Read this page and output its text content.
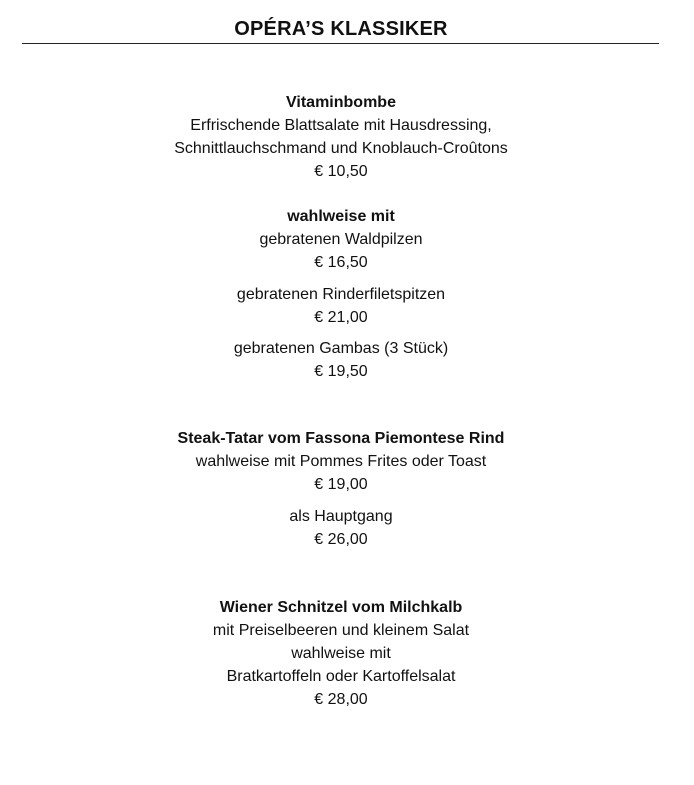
OPÉRA’S KLASSIKER
Vitaminbombe
Erfrischende Blattsalate mit Hausdressing,
Schnittlauchschmand und Knoblauch-Croûtons
€ 10,50
wahlweise mit
gebratenen Waldpilzen
€ 16,50
gebratenen Rinderfiletspitzen
€ 21,00
gebratenen Gambas (3 Stück)
€ 19,50
Steak-Tatar vom Fassona Piemontese Rind
wahlweise mit Pommes Frites oder Toast
€ 19,00
als Hauptgang
€ 26,00
Wiener Schnitzel vom Milchkalb
mit Preiselbeeren und kleinem Salat
wahlweise mit
Bratkartoffeln oder Kartoffelsalat
€ 28,00
